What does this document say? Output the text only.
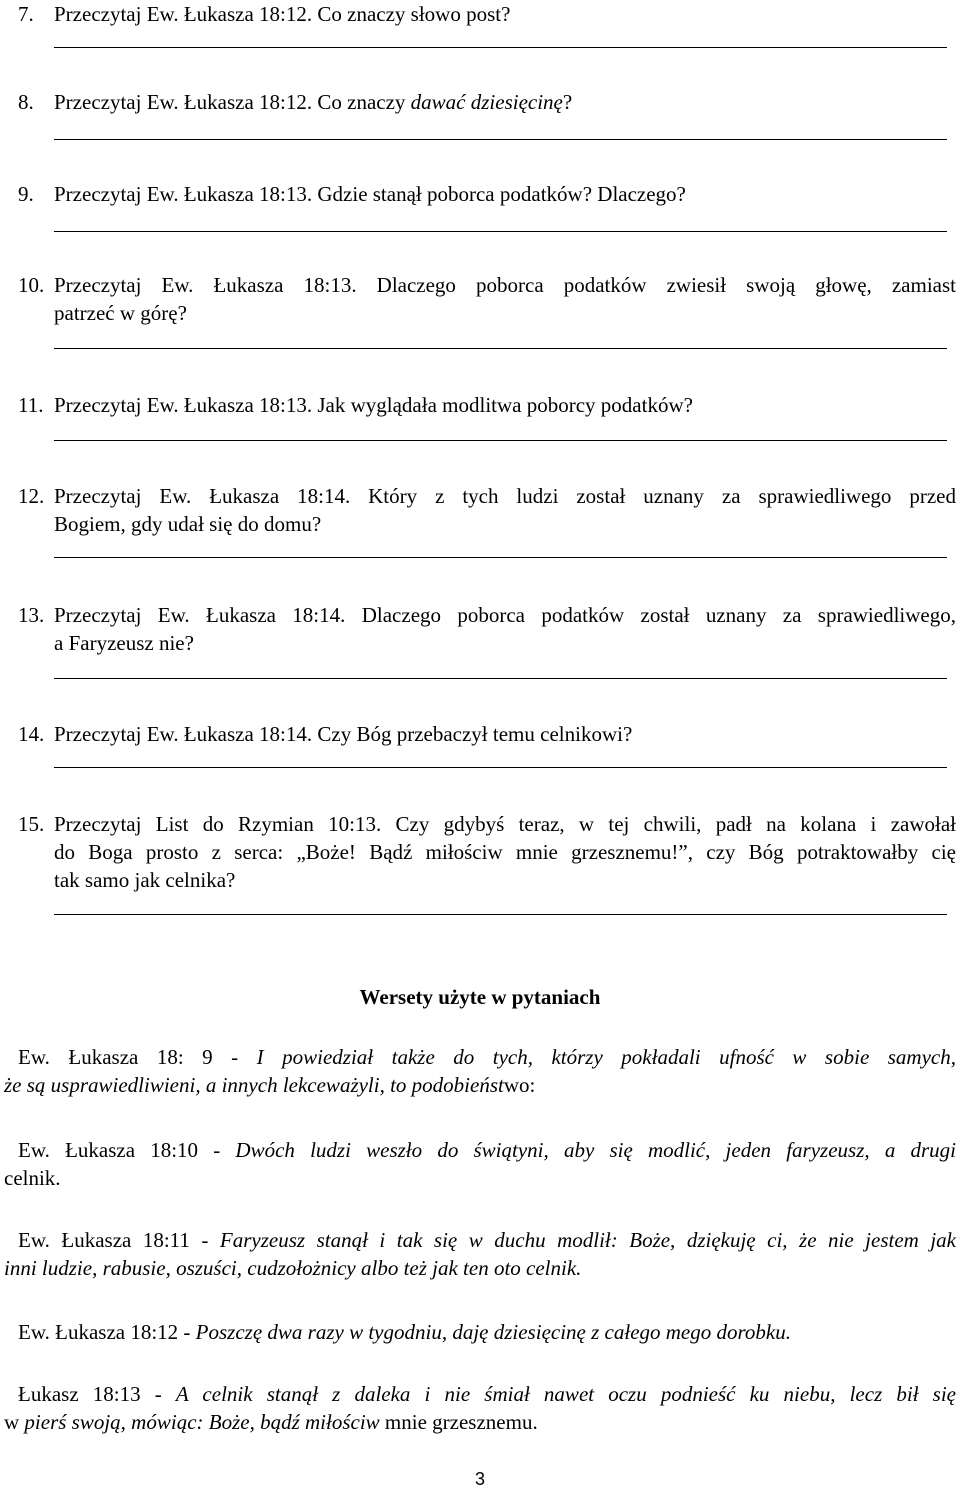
7. Przeczytaj Ew. Łukasza 18:12. Co znaczy słowo post?
8. Przeczytaj Ew. Łukasza 18:12. Co znaczy dawać dziesięcinę?
9. Przeczytaj Ew. Łukasza 18:13. Gdzie stanął poborca podatków? Dlaczego?
10. Przeczytaj Ew. Łukasza 18:13. Dlaczego poborca podatków zwiesił swoją głowę, zamiast
patrzeć w górę?
11. Przeczytaj Ew. Łukasza 18:13. Jak wyglądała modlitwa poborcy podatków?
12. Przeczytaj Ew. Łukasza 18:14. Który z tych ludzi został uznany za sprawiedliwego przed
Bogiem, gdy udał się do domu?
13. Przeczytaj Ew. Łukasza 18:14. Dlaczego poborca podatków został uznany za sprawiedliwego,
a Faryzeusz nie?
14. Przeczytaj Ew. Łukasza 18:14. Czy Bóg przebaczył temu celnikowi?
15. Przeczytaj List do Rzymian 10:13. Czy gdybyś teraz, w tej chwili, padł na kolana i zawołał
do Boga prosto z serca: „Boże! Bądź miłościw mnie grzesznemu!”, czy Bóg potraktowałby cię
tak samo jak celnika?
Wersety użyte w pytaniach
Ew. Łukasza 18: 9 - I powiedział także do tych, którzy pokładali ufność w sobie samych,
że są usprawiedliwieni, a innych lekceważyli, to podobieństwo:
Ew. Łukasza 18:10 - Dwóch ludzi weszło do świątyni, aby się modlić, jeden faryzeusz, a drugi
celnik.
Ew. Łukasza 18:11 - Faryzeusz stanął i tak się w duchu modlił: Boże, dziękuję ci, że nie jestem jak
inni ludzie, rabusie, oszuści, cudzołożnicy albo też jak ten oto celnik.
Ew. Łukasza 18:12 - Poszczę dwa razy w tygodniu, daję dziesięcinę z całego mego dorobku.
Łukasz 18:13 - A celnik stanął z daleka i nie śmiał nawet oczu podnieść ku niebu, lecz bił się
w pierś swoją, mówiąc: Boże, bądź miłościw mnie grzesznemu.
3
